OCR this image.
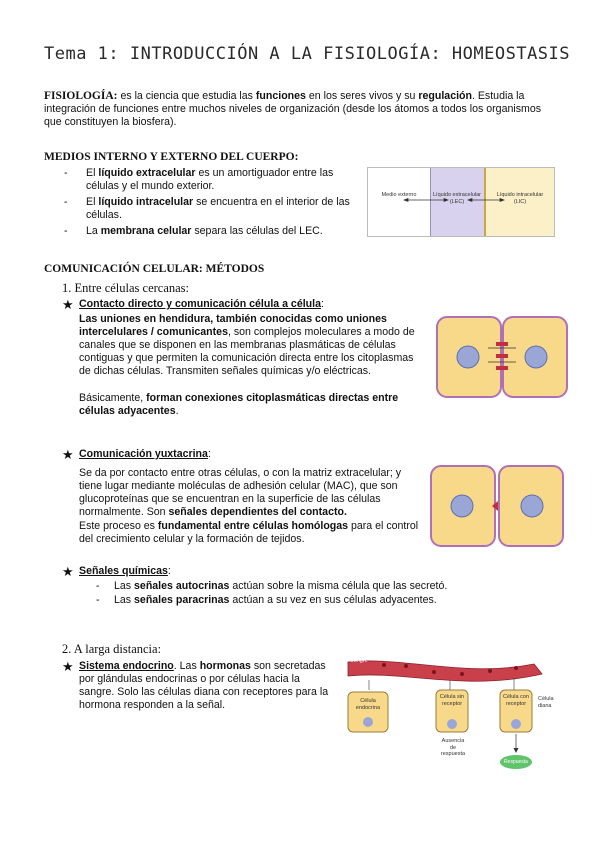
Tema 1: INTRODUCCIÓN A LA FISIOLOGÍA: HOMEOSTASIS
FISIOLOGÍA: es la ciencia que estudia las funciones en los seres vivos y su regulación. Estudia la integración de funciones entre muchos niveles de organización (desde los átomos a todos los organismos que constituyen la biosfera).
MEDIOS INTERNO Y EXTERNO DEL CUERPO:
- El líquido extracelular es un amortiguador entre las células y el mundo exterior.
- El líquido intracelular se encuentra en el interior de las células.
- La membrana celular separa las células del LEC.
Medio externo	Líquido extracelular (LEC)
Líquido intracelular (LIC)
COMUNICACIÓN CELULAR: MÉTODOS
1. Entre células cercanas:
★ Contacto directo y comunicación célula a célula:
Las uniones en hendidura, también conocidas como uniones intercelulares / comunicantes, son complejos moleculares a modo de canales que se disponen en las membranas plasmáticas de células contiguas y que permiten la comunicación directa entre los citoplasmas de dichas células. Transmiten señales químicas y/o eléctricas.
Básicamente, forman conexiones citoplasmáticas directas entre células adyacentes.
★ Comunicación yuxtacrina:
Se da por contacto entre otras células, o con la matriz extracelular; y tiene lugar mediante moléculas de adhesión celular (MAC), que son glucoproteínas que se encuentran en la superficie de las células normalmente. Son señales dependientes del contacto.
Este proceso es fundamental entre células homólogas para el control del crecimiento celular y la formación de tejidos.
★ Señales químicas:
- Las señales autocrinas actúan sobre la misma célula que las secretó.
- Las señales paracrinas actúan a su vez en sus células adyacentes.
2. A larga distancia:
★ Sistema endocrino. Las hormonas son secretadas por glándulas endocrinas o por células hacia la sangre. Solo las células diana con receptores para la hormona responden a la señal.
Sangre
Célula endocrina
Célula sin receptor
Célula con receptor
Célula diana
Ausencia de respuesta
Respuesta
